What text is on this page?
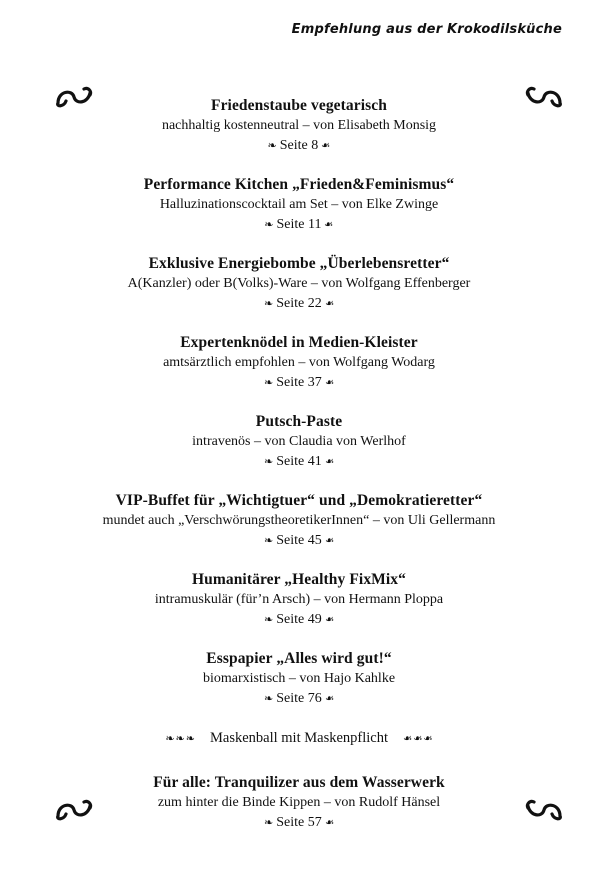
Empfehlung aus der Krokodilsküche
Friedenstaube vegetarisch
nachhaltig kostenneutral – von Elisabeth Monsig
❧ Seite 8 ❧
Performance Kitchen „Frieden&Feminismus“
Halluzinationscocktail am Set – von Elke Zwinge
❧ Seite 11 ❧
Exklusive Energiebombe „Überlebensretter“
A(Kanzler) oder B(Volks)-Ware – von Wolfgang Effenberger
❧ Seite 22 ❧
Expertenknödel in Medien-Kleister
amtsärztlich empfohlen – von Wolfgang Wodarg
❧ Seite 37 ❧
Putsch-Paste
intravenös – von Claudia von Werlhof
❧ Seite 41 ❧
VIP-Buffet für „Wichtigtuer“ und „Demokratieretter“
mundet auch „VerschwörungstheoretikerInnen“ – von Uli Gellermann
❧ Seite 45 ❧
Humanitärer „Healthy FixMix“
intramuskulär (für’n Arsch) – von Hermann Ploppa
❧ Seite 49 ❧
Esspapier „Alles wird gut!“
biomarxistisch – von Hajo Kahlke
❧ Seite 76 ❧
❧❧❧ Maskenball mit Maskenpflicht ❧❧❧
Für alle: Tranquilizer aus dem Wasserwerk
zum hinter die Binde Kippen – von Rudolf Hänsel
❧ Seite 57 ❧
